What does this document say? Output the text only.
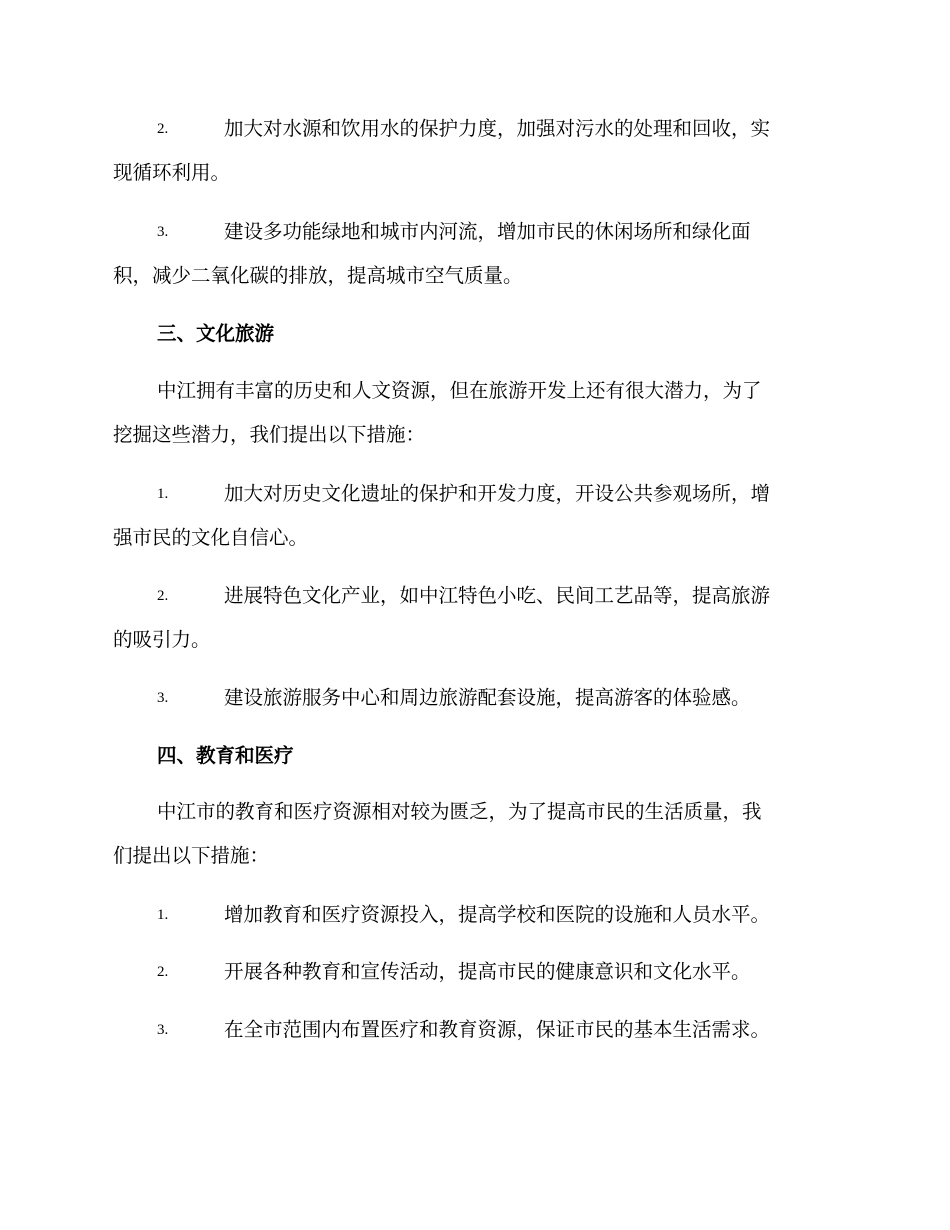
2.	加大对水源和饮用水的保护力度，加强对污水的处理和回收，实
现循环利用。
3.	建设多功能绿地和城市内河流，增加市民的休闲场所和绿化面
积，减少二氧化碳的排放，提高城市空气质量。
三、文化旅游
中江拥有丰富的历史和人文资源，但在旅游开发上还有很大潜力，为了
挖掘这些潜力，我们提出以下措施：
1.	加大对历史文化遗址的保护和开发力度，开设公共参观场所，增
强市民的文化自信心。
2.	进展特色文化产业，如中江特色小吃、民间工艺品等，提高旅游
的吸引力。
3.	建设旅游服务中心和周边旅游配套设施，提高游客的体验感。
四、教育和医疗
中江市的教育和医疗资源相对较为匮乏，为了提高市民的生活质量，我
们提出以下措施：
1.	增加教育和医疗资源投入，提高学校和医院的设施和人员水平。
2.	开展各种教育和宣传活动，提高市民的健康意识和文化水平。
3.	在全市范围内布置医疗和教育资源，保证市民的基本生活需求。
